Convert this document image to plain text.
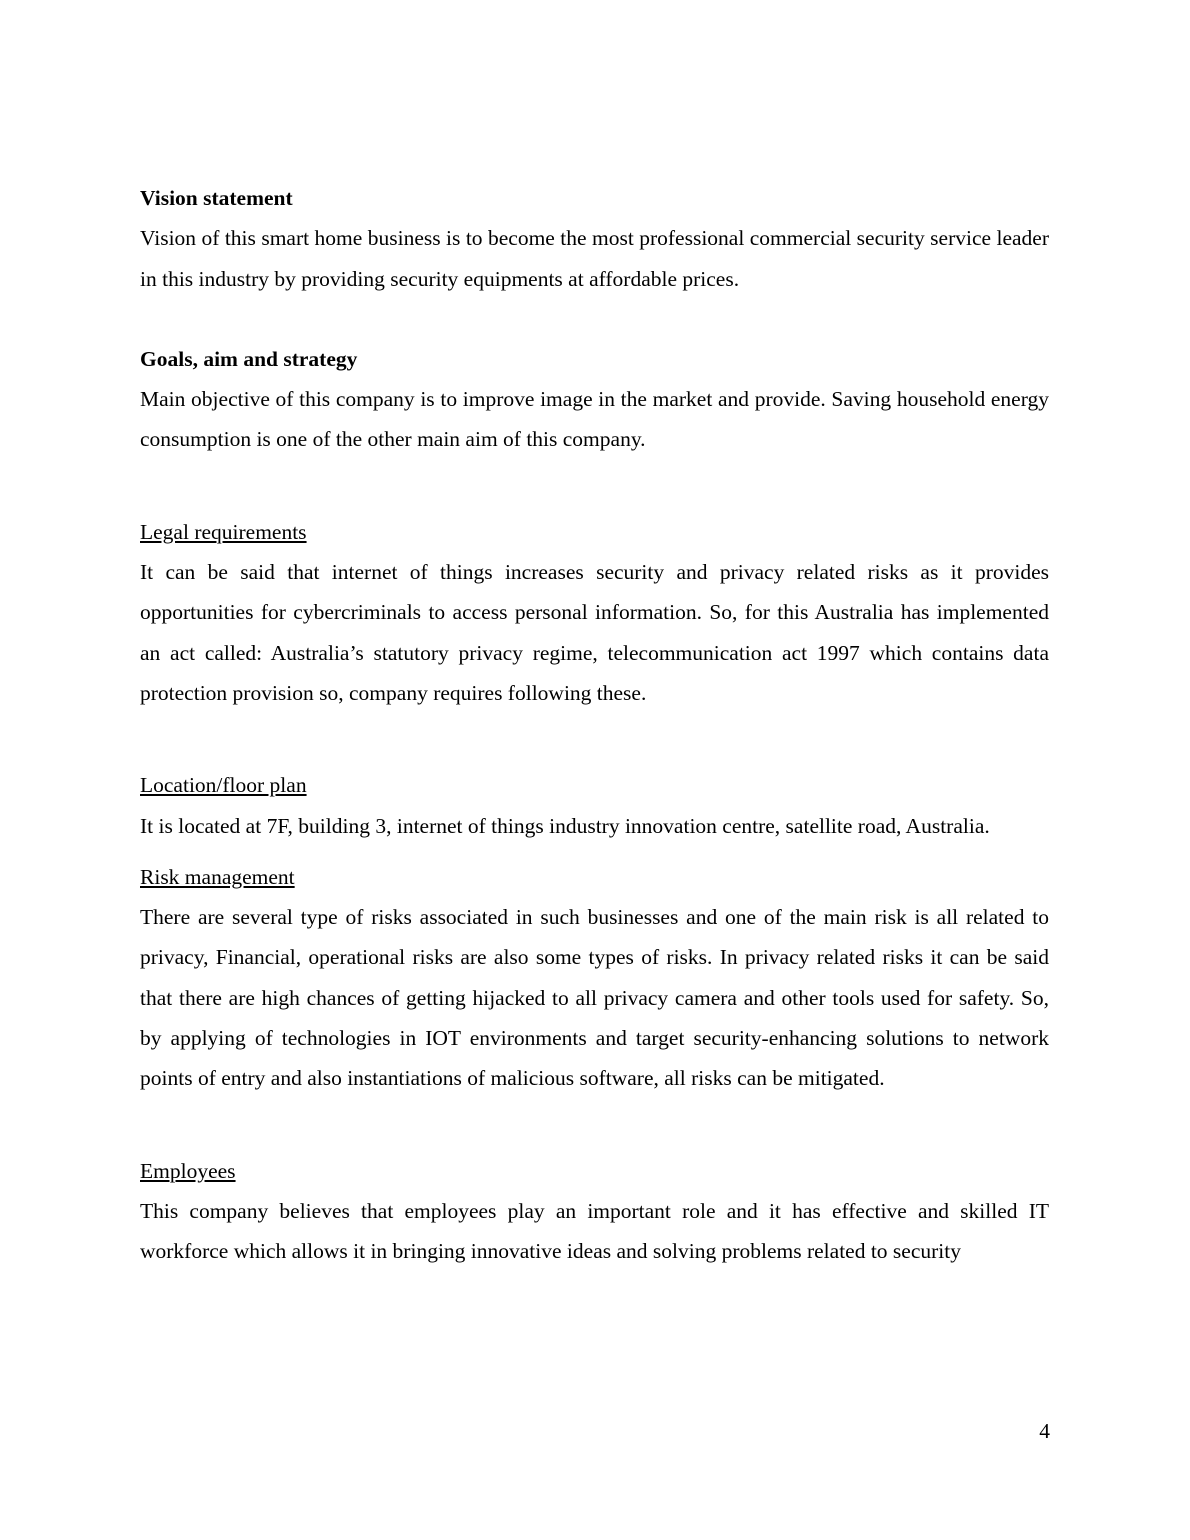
Vision statement

Vision of this smart home business is to become the most professional commercial security service leader in this industry by providing security equipments at affordable prices.

Goals, aim and strategy

Main objective of this company is to improve image in the market and provide. Saving household energy consumption is one of the other main aim of this company.

Legal requirements

It can be said that internet of things increases security and privacy related risks as it provides opportunities for cybercriminals to access personal information. So, for this Australia has implemented an act called: Australia’s statutory privacy regime, telecommunication act 1997 which contains data protection provision so, company requires following these.

Location/floor plan

It is located at 7F, building 3, internet of things industry innovation centre, satellite road, Australia.

Risk management

There are several type of risks associated in such businesses and one of the main risk is all related to privacy, Financial, operational risks are also some types of risks. In privacy related risks it can be said that there are high chances of getting hijacked to all privacy camera and other tools used for safety. So, by applying of technologies in IOT environments and target security-enhancing solutions to network points of entry and also instantiations of malicious software, all risks can be mitigated.

Employees

This company believes that employees play an important role and it has effective and skilled IT workforce which allows it in bringing innovative ideas and solving problems related to security

4
